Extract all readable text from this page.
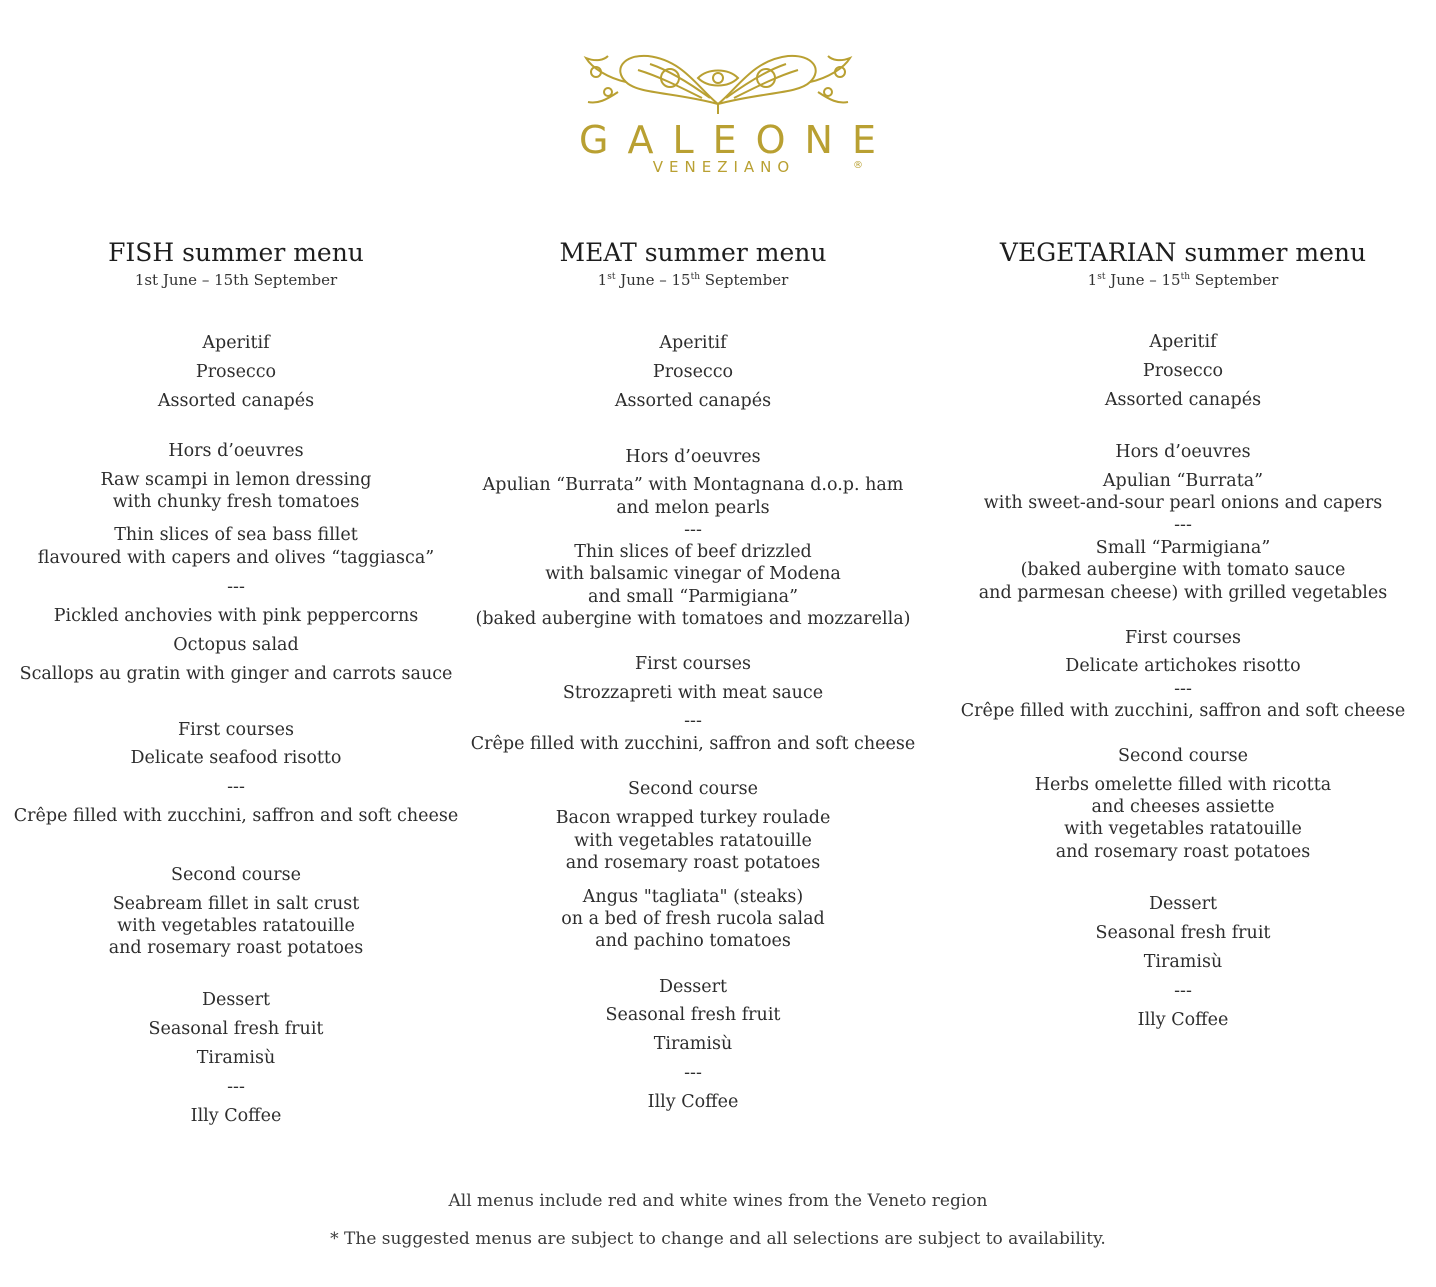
GALEONE
VENEZIANO	®
FISH summer menu
1st June – 15th September
Aperitif
Prosecco
Assorted canapés
Hors d’oeuvres
Raw scampi in lemon dressing
with chunky fresh tomatoes
Thin slices of sea bass fillet
flavoured with capers and olives “taggiasca”
---
Pickled anchovies with pink peppercorns
Octopus salad
Scallops au gratin with ginger and carrots sauce
First courses
Delicate seafood risotto
---
Crêpe filled with zucchini, saffron and soft cheese
Second course
Seabream fillet in salt crust
with vegetables ratatouille
and rosemary roast potatoes
Dessert
Seasonal fresh fruit
Tiramisù
---
Illy Coffee
MEAT summer menu
1st June – 15th September
Aperitif
Prosecco
Assorted canapés
Hors d’oeuvres
Apulian “Burrata” with Montagnana d.o.p. ham
and melon pearls
---
Thin slices of beef drizzled
with balsamic vinegar of Modena
and small “Parmigiana”
(baked aubergine with tomatoes and mozzarella)
First courses
Strozzapreti with meat sauce
---
Crêpe filled with zucchini, saffron and soft cheese
Second course
Bacon wrapped turkey roulade
with vegetables ratatouille
and rosemary roast potatoes
Angus "tagliata" (steaks)
on a bed of fresh rucola salad
and pachino tomatoes
Dessert
Seasonal fresh fruit
Tiramisù
---
Illy Coffee
VEGETARIAN summer menu
1st June – 15th September
Aperitif
Prosecco
Assorted canapés
Hors d’oeuvres
Apulian “Burrata”
with sweet-and-sour pearl onions and capers
---
Small “Parmigiana”
(baked aubergine with tomato sauce
and parmesan cheese) with grilled vegetables
First courses
Delicate artichokes risotto
---
Crêpe filled with zucchini, saffron and soft cheese
Second course
Herbs omelette filled with ricotta
and cheeses assiette
with vegetables ratatouille
and rosemary roast potatoes
Dessert
Seasonal fresh fruit
Tiramisù
---
Illy Coffee
All menus include red and white wines from the Veneto region
* The suggested menus are subject to change and all selections are subject to availability.
